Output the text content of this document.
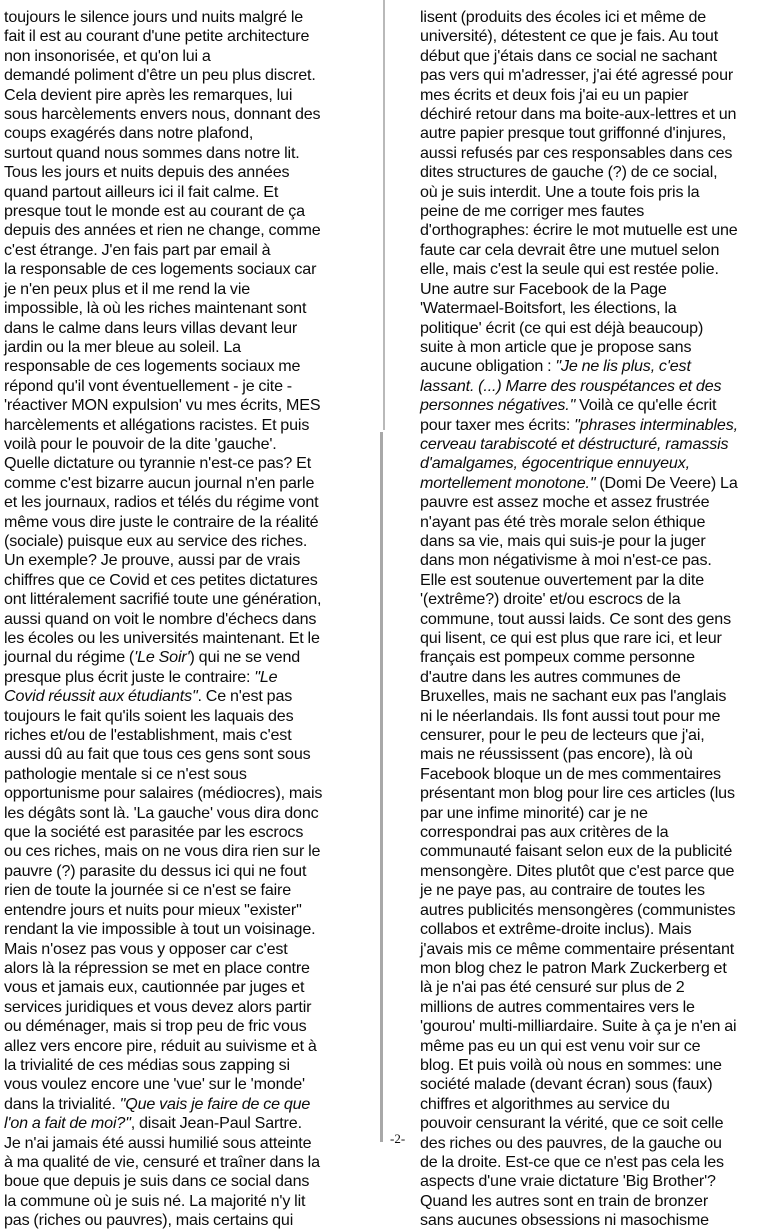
toujours le silence jours und nuits malgré le
fait il est au courant d'une petite architecture
non insonorisée, et qu'on lui a
demandé poliment d'être un peu plus discret.
Cela devient pire après les remarques, lui
sous harcèlements envers nous, donnant des
coups exagérés dans notre plafond,
surtout quand nous sommes dans notre lit.
Tous les jours et nuits depuis des années
quand partout ailleurs ici il fait calme. Et
presque tout le monde est au courant de ça
depuis des années et rien ne change, comme
c'est étrange. J'en fais part par email à
la responsable de ces logements sociaux car
je n'en peux plus et il me rend la vie
impossible, là où les riches maintenant sont
dans le calme dans leurs villas devant leur
jardin ou la mer bleue au soleil. La
responsable de ces logements sociaux me
répond qu'il vont éventuellement - je cite -
'réactiver MON expulsion' vu mes écrits, MES
harcèlements et allégations racistes. Et puis
voilà pour le pouvoir de la dite 'gauche'.
Quelle dictature ou tyrannie n'est-ce pas? Et
comme c'est bizarre aucun journal n'en parle
et les journaux, radios et télés du régime vont
même vous dire juste le contraire de la réalité
(sociale) puisque eux au service des riches.
Un exemple? Je prouve, aussi par de vrais
chiffres que ce Covid et ces petites dictatures
ont littéralement sacrifié toute une génération,
aussi quand on voit le nombre d'échecs dans
les écoles ou les universités maintenant. Et le
journal du régime ('Le Soir') qui ne se vend
presque plus écrit juste le contraire: "Le
Covid réussit aux étudiants". Ce n'est pas
toujours le fait qu'ils soient les laquais des
riches et/ou de l'establishment, mais c'est
aussi dû au fait que tous ces gens sont sous
pathologie mentale si ce n'est sous
opportunisme pour salaires (médiocres), mais
les dégâts sont là. 'La gauche' vous dira donc
que la société est parasitée par les escrocs
ou ces riches, mais on ne vous dira rien sur le
pauvre (?) parasite du dessus ici qui ne fout
rien de toute la journée si ce n'est se faire
entendre jours et nuits pour mieux "exister"
rendant la vie impossible à tout un voisinage.
Mais n'osez pas vous y opposer car c'est
alors là la répression se met en place contre
vous et jamais eux, cautionnée par juges et
services juridiques et vous devez alors partir
ou déménager, mais si trop peu de fric vous
allez vers encore pire, réduit au suivisme et à
la trivialité de ces médias sous zapping si
vous voulez encore une 'vue' sur le 'monde'
dans la trivialité. "Que vais je faire de ce que
l'on a fait de moi?", disait Jean-Paul Sartre.
Je n'ai jamais été aussi humilié sous atteinte
à ma qualité de vie, censuré et traîner dans la
boue que depuis je suis dans ce social dans
la commune où je suis né. La majorité n'y lit
pas (riches ou pauvres), mais certains qui
lisent (produits des écoles ici et même de
université), détestent ce que je fais. Au tout
début que j'étais dans ce social ne sachant
pas vers qui m'adresser, j'ai été agressé pour
mes écrits et deux fois j'ai eu un papier
déchiré retour dans ma boite-aux-lettres et un
autre papier presque tout griffonné d'injures,
aussi refusés par ces responsables dans ces
dites structures de gauche (?) de ce social,
où je suis interdit. Une a toute fois pris la
peine de me corriger mes fautes
d'orthographes: écrire le mot mutuelle est une
faute car cela devrait être une mutuel selon
elle, mais c'est la seule qui est restée polie.
Une autre sur Facebook de la Page
'Watermael-Boitsfort, les élections, la
politique' écrit (ce qui est déjà beaucoup)
suite à mon article que je propose sans
aucune obligation : "Je ne lis plus, c'est
lassant. (...) Marre des rouspétances et des
personnes négatives." Voilà ce qu'elle écrit
pour taxer mes écrits: "phrases interminables,
cerveau tarabiscoté et déstructuré, ramassis
d'amalgames, égocentrique ennuyeux,
mortellement monotone." (Domi De Veere) La
pauvre est assez moche et assez frustrée
n'ayant pas été très morale selon éthique
dans sa vie, mais qui suis-je pour la juger
dans mon négativisme à moi n'est-ce pas.
Elle est soutenue ouvertement par la dite
'(extrême?) droite' et/ou escrocs de la
commune, tout aussi laids. Ce sont des gens
qui lisent, ce qui est plus que rare ici, et leur
français est pompeux comme personne
d'autre dans les autres communes de
Bruxelles, mais ne sachant eux pas l'anglais
ni le néerlandais. Ils font aussi tout pour me
censurer, pour le peu de lecteurs que j'ai,
mais ne réussissent (pas encore), là où
Facebook bloque un de mes commentaires
présentant mon blog pour lire ces articles (lus
par une infime minorité) car je ne
correspondrai pas aux critères de la
communauté faisant selon eux de la publicité
mensongère. Dites plutôt que c'est parce que
je ne paye pas, au contraire de toutes les
autres publicités mensongères (communistes
collabos et extrême-droite inclus). Mais
j'avais mis ce même commentaire présentant
mon blog chez le patron Mark Zuckerberg et
là je n'ai pas été censuré sur plus de 2
millions de autres commentaires vers le
'gourou' multi-milliardaire. Suite à ça je n'en ai
même pas eu un qui est venu voir sur ce
blog. Et puis voilà où nous en sommes: une
société malade (devant écran) sous (faux)
chiffres et algorithmes au service du
pouvoir censurant la vérité, que ce soit celle
des riches ou des pauvres, de la gauche ou
de la droite. Est-ce que ce n'est pas cela les
aspects d'une vraie dictature 'Big Brother'?
Quand les autres sont en train de bronzer
sans aucunes obsessions ni masochisme
-2-
